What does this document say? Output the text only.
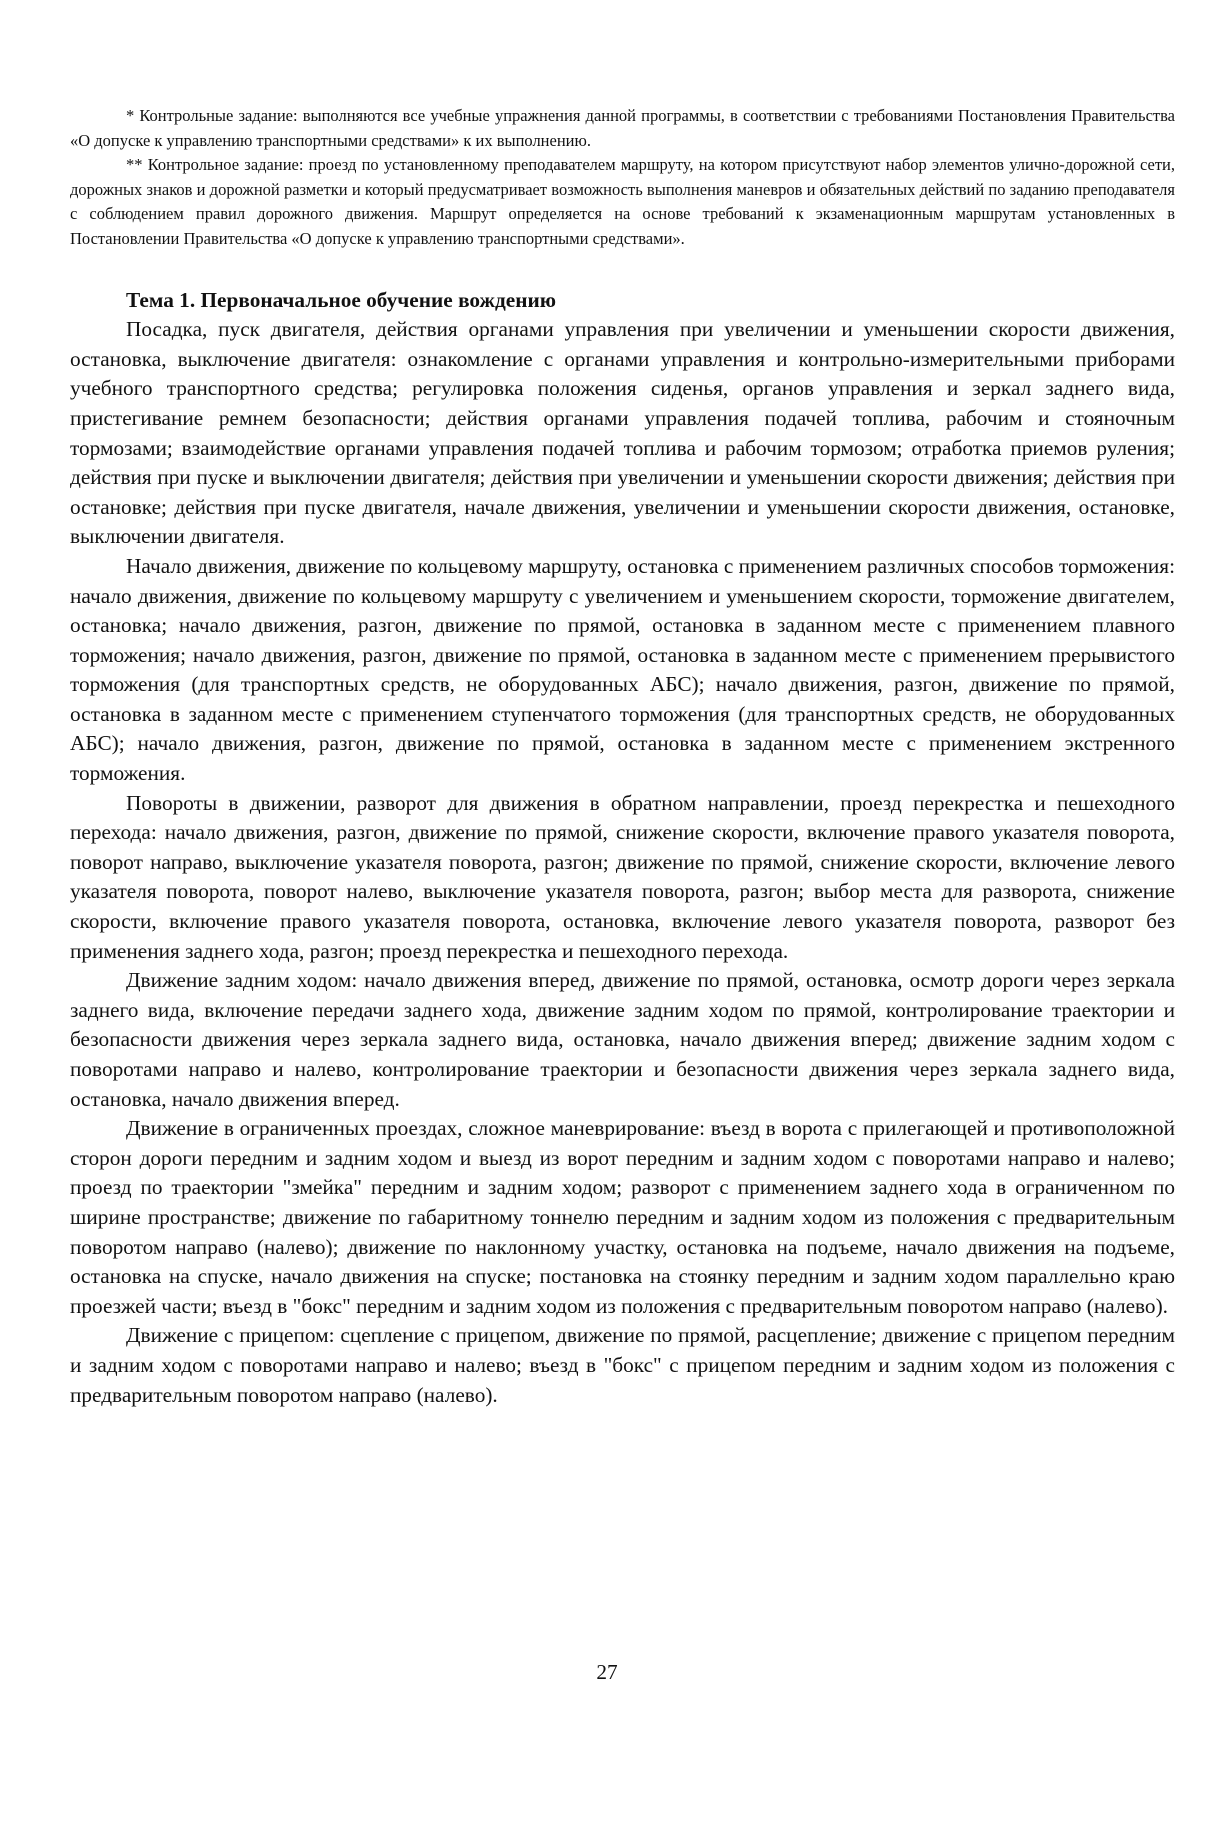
* Контрольные задание: выполняются все учебные упражнения данной программы, в соответствии с требованиями Постановления Правительства «О допуске к управлению транспортными средствами» к их выполнению.

** Контрольное задание: проезд по установленному преподавателем маршруту, на котором присутствуют набор элементов улично-дорожной сети, дорожных знаков и дорожной разметки и который предусматривает возможность выполнения маневров и обязательных действий по заданию преподавателя с соблюдением правил дорожного движения. Маршрут определяется на основе требований к экзаменационным маршрутам установленных в Постановлении Правительства «О допуске к управлению транспортными средствами».

Тема 1. Первоначальное обучение вождению

Посадка, пуск двигателя, действия органами управления при увеличении и уменьшении скорости движения, остановка, выключение двигателя: ознакомление с органами управления и контрольно-измерительными приборами учебного транспортного средства; регулировка положения сиденья, органов управления и зеркал заднего вида, пристегивание ремнем безопасности; действия органами управления подачей топлива, рабочим и стояночным тормозами; взаимодействие органами управления подачей топлива и рабочим тормозом; отработка приемов руления; действия при пуске и выключении двигателя; действия при увеличении и уменьшении скорости движения; действия при остановке; действия при пуске двигателя, начале движения, увеличении и уменьшении скорости движения, остановке, выключении двигателя.

Начало движения, движение по кольцевому маршруту, остановка с применением различных способов торможения: начало движения, движение по кольцевому маршруту с увеличением и уменьшением скорости, торможение двигателем, остановка; начало движения, разгон, движение по прямой, остановка в заданном месте с применением плавного торможения; начало движения, разгон, движение по прямой, остановка в заданном месте с применением прерывистого торможения (для транспортных средств, не оборудованных АБС); начало движения, разгон, движение по прямой, остановка в заданном месте с применением ступенчатого торможения (для транспортных средств, не оборудованных АБС); начало движения, разгон, движение по прямой, остановка в заданном месте с применением экстренного торможения.

Повороты в движении, разворот для движения в обратном направлении, проезд перекрестка и пешеходного перехода: начало движения, разгон, движение по прямой, снижение скорости, включение правого указателя поворота, поворот направо, выключение указателя поворота, разгон; движение по прямой, снижение скорости, включение левого указателя поворота, поворот налево, выключение указателя поворота, разгон; выбор места для разворота, снижение скорости, включение правого указателя поворота, остановка, включение левого указателя поворота, разворот без применения заднего хода, разгон; проезд перекрестка и пешеходного перехода.

Движение задним ходом: начало движения вперед, движение по прямой, остановка, осмотр дороги через зеркала заднего вида, включение передачи заднего хода, движение задним ходом по прямой, контролирование траектории и безопасности движения через зеркала заднего вида, остановка, начало движения вперед; движение задним ходом с поворотами направо и налево, контролирование траектории и безопасности движения через зеркала заднего вида, остановка, начало движения вперед.

Движение в ограниченных проездах, сложное маневрирование: въезд в ворота с прилегающей и противоположной сторон дороги передним и задним ходом и выезд из ворот передним и задним ходом с поворотами направо и налево; проезд по траектории "змейка" передним и задним ходом; разворот с применением заднего хода в ограниченном по ширине пространстве; движение по габаритному тоннелю передним и задним ходом из положения с предварительным поворотом направо (налево); движение по наклонному участку, остановка на подъеме, начало движения на подъеме, остановка на спуске, начало движения на спуске; постановка на стоянку передним и задним ходом параллельно краю проезжей части; въезд в "бокс" передним и задним ходом из положения с предварительным поворотом направо (налево).

Движение с прицепом: сцепление с прицепом, движение по прямой, расцепление; движение с прицепом передним и задним ходом с поворотами направо и налево; въезд в "бокс" с прицепом передним и задним ходом из положения с предварительным поворотом направо (налево).

27
